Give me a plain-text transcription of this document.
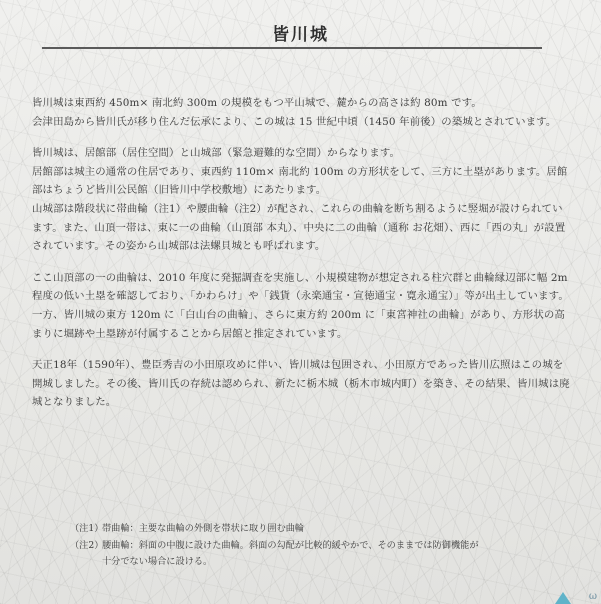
皆川城

皆川城は東西約 450m× 南北約 300m の規模をもつ平山城で、麓からの高さは約 80m です。
会津田島から皆川氏が移り住んだ伝承により、この城は 15 世紀中頃（1450 年前後）の築城とされています。

皆川城は、居館部（居住空間）と山城部（緊急避難的な空間）からなります。
居館部は城主の通常の住居であり、東西約 110m× 南北約 100m の方形状をして、三方に土塁があります。居館部はちょうど皆川公民館（旧皆川中学校敷地）にあたります。
山城部は階段状に帯曲輪（注1）や腰曲輪（注2）が配され、これらの曲輪を断ち割るように竪堀が設けられています。また、山頂一帯は、東に一の曲輪（山頂部 本丸）、中央に二の曲輪（通称 お花畑）、西に「西の丸」が設置されています。その姿から山城部は法螺貝城とも呼ばれます。

ここ山頂部の一の曲輪は、2010 年度に発掘調査を実施し、小規模建物が想定される柱穴群と曲輪縁辺部に幅 2m 程度の低い土塁を確認しており、「かわらけ」や「銭貨（永楽通宝・宣徳通宝・寛永通宝）」等が出土しています。
一方、皆川城の東方 120m に「白山台の曲輪」、さらに東方約 200m に「東宮神社の曲輪」があり、方形状の高まりに堀跡や土塁跡が付属することから居館と推定されています。

天正18年（1590年）、豊臣秀吉の小田原攻めに伴い、皆川城は包囲され、小田原方であった皆川広照はこの城を開城しました。その後、皆川氏の存続は認められ、新たに栃木城（栃木市城内町）を築き、その結果、皆川城は廃城となりました。

（注1）
帯曲輪：主要な曲輪の外側を帯状に取り囲む曲輪
（注2）
腰曲輪：斜面の中腹に設けた曲輪。斜面の勾配が比較的緩やかで、そのままでは防御機能が
十分でない場合に設ける。
ω
